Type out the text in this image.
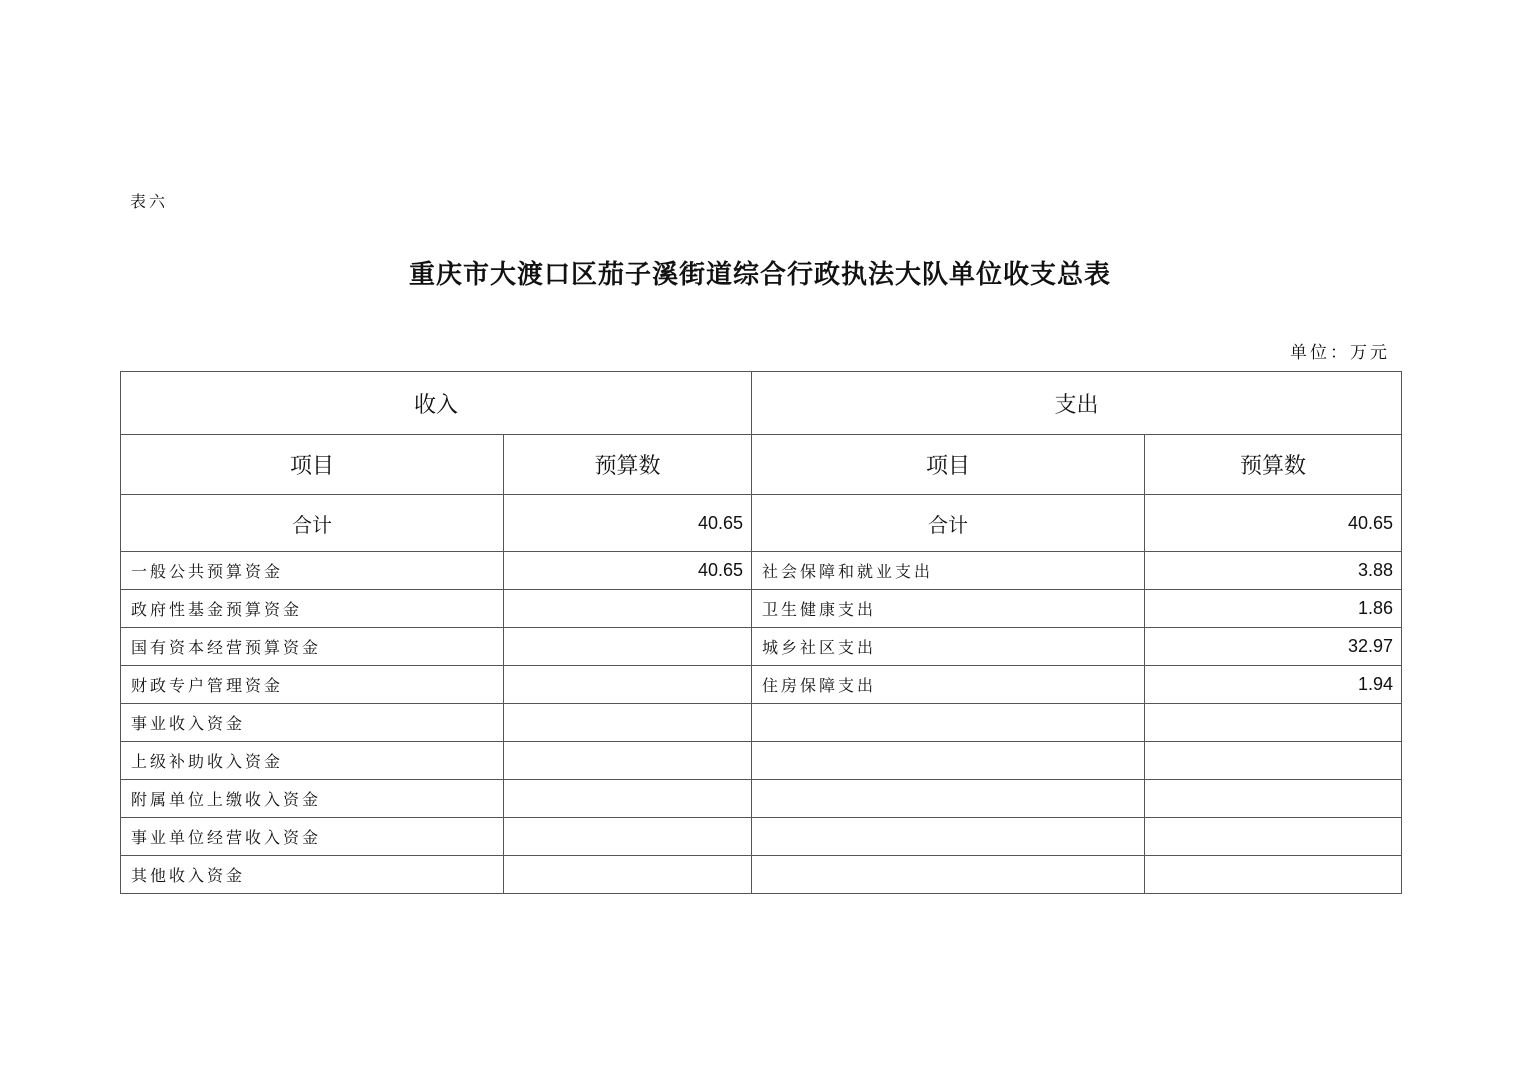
表六
重庆市大渡口区茄子溪街道综合行政执法大队单位收支总表
单位：万元
收入		支出	
项目	预算数	项目	预算数
合计	40.65	合计	40.65
一般公共预算资金	40.65	社会保障和就业支出	3.88
政府性基金预算资金		卫生健康支出	1.86
国有资本经营预算资金		城乡社区支出	32.97
财政专户管理资金		住房保障支出	1.94
事业收入资金			
上级补助收入资金			
附属单位上缴收入资金			
事业单位经营收入资金			
其他收入资金			
